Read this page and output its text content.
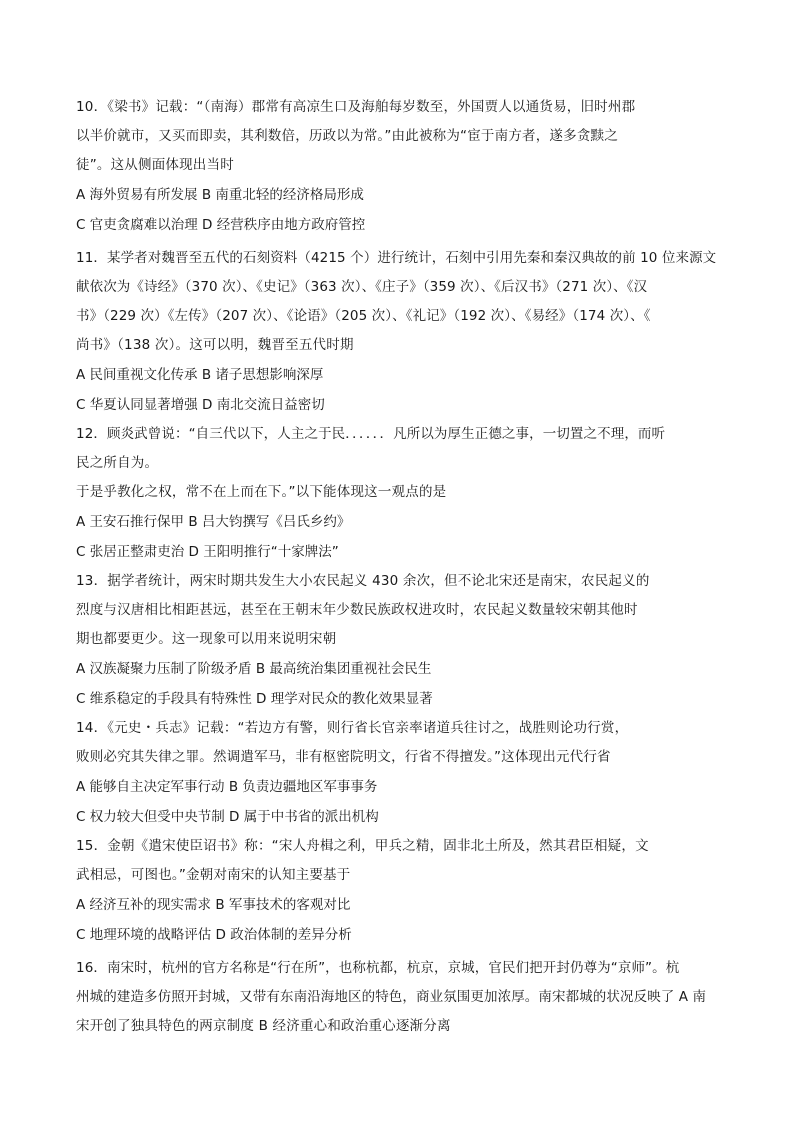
10．《梁书》记载：“（南海）郡常有高凉生口及海舶每岁数至，外国贾人以通货易，旧时州郡
以半价就市，又买而即卖，其利数倍，历政以为常。”由此被称为“宦于南方者，遂多贪黩之
徒”。这从侧面体现出当时
A 海外贸易有所发展 B 南重北轻的经济格局形成
C 官吏贪腐难以治理 D 经营秩序由地方政府管控
11．某学者对魏晋至五代的石刻资料（4215 个）进行统计，石刻中引用先秦和秦汉典故的前 10 位来源文
献依次为《诗经》（370 次）、《史记》（363 次）、《庄子》（359 次）、《后汉书》（271 次）、《汉
书》（229 次）《左传》（207 次）、《论语》（205 次）、《礼记》（192 次）、《易经》（174 次）、《
尚书》（138 次）。这可以明，魏晋至五代时期
A 民间重视文化传承 B 诸子思想影响深厚
C 华夏认同显著增强 D 南北交流日益密切
12．顾炎武曾说：“自三代以下，人主之于民．．．．．．凡所以为厚生正德之事，一切置之不理，而听
民之所自为。
于是乎教化之权，常不在上而在下。”以下能体现这一观点的是
A 王安石推行保甲 B 吕大钧撰写《吕氏乡约》
C 张居正整肃吏治 D 王阳明推行“十家牌法”
13．据学者统计，两宋时期共发生大小农民起义 430 余次，但不论北宋还是南宋，农民起义的
烈度与汉唐相比相距甚远，甚至在王朝末年少数民族政权进攻时，农民起义数量较宋朝其他时
期也都要更少。这一现象可以用来说明宋朝
A 汉族凝聚力压制了阶级矛盾 B 最高统治集团重视社会民生
C 维系稳定的手段具有特殊性 D 理学对民众的教化效果显著
14．《元史・兵志》记载：“若边方有警，则行省长官亲率诸道兵往讨之，战胜则论功行赏，
败则必究其失律之罪。然调遣军马，非有枢密院明文，行省不得擅发。”这体现出元代行省
A 能够自主决定军事行动 B 负责边疆地区军事事务
C 权力较大但受中央节制 D 属于中书省的派出机构
15．金朝《遣宋使臣诏书》称：“宋人舟楫之利，甲兵之精，固非北土所及，然其君臣相疑，文
武相忌，可图也。”金朝对南宋的认知主要基于
A 经济互补的现实需求 B 军事技术的客观对比
C 地理环境的战略评估 D 政治体制的差异分析
16．南宋时，杭州的官方名称是“行在所”，也称杭都，杭京，京城，官民们把开封仍尊为“京师”。杭
州城的建造多仿照开封城，又带有东南沿海地区的特色，商业氛围更加浓厚。南宋都城的状况反映了 A 南
宋开创了独具特色的两京制度 B 经济重心和政治重心逐渐分离
